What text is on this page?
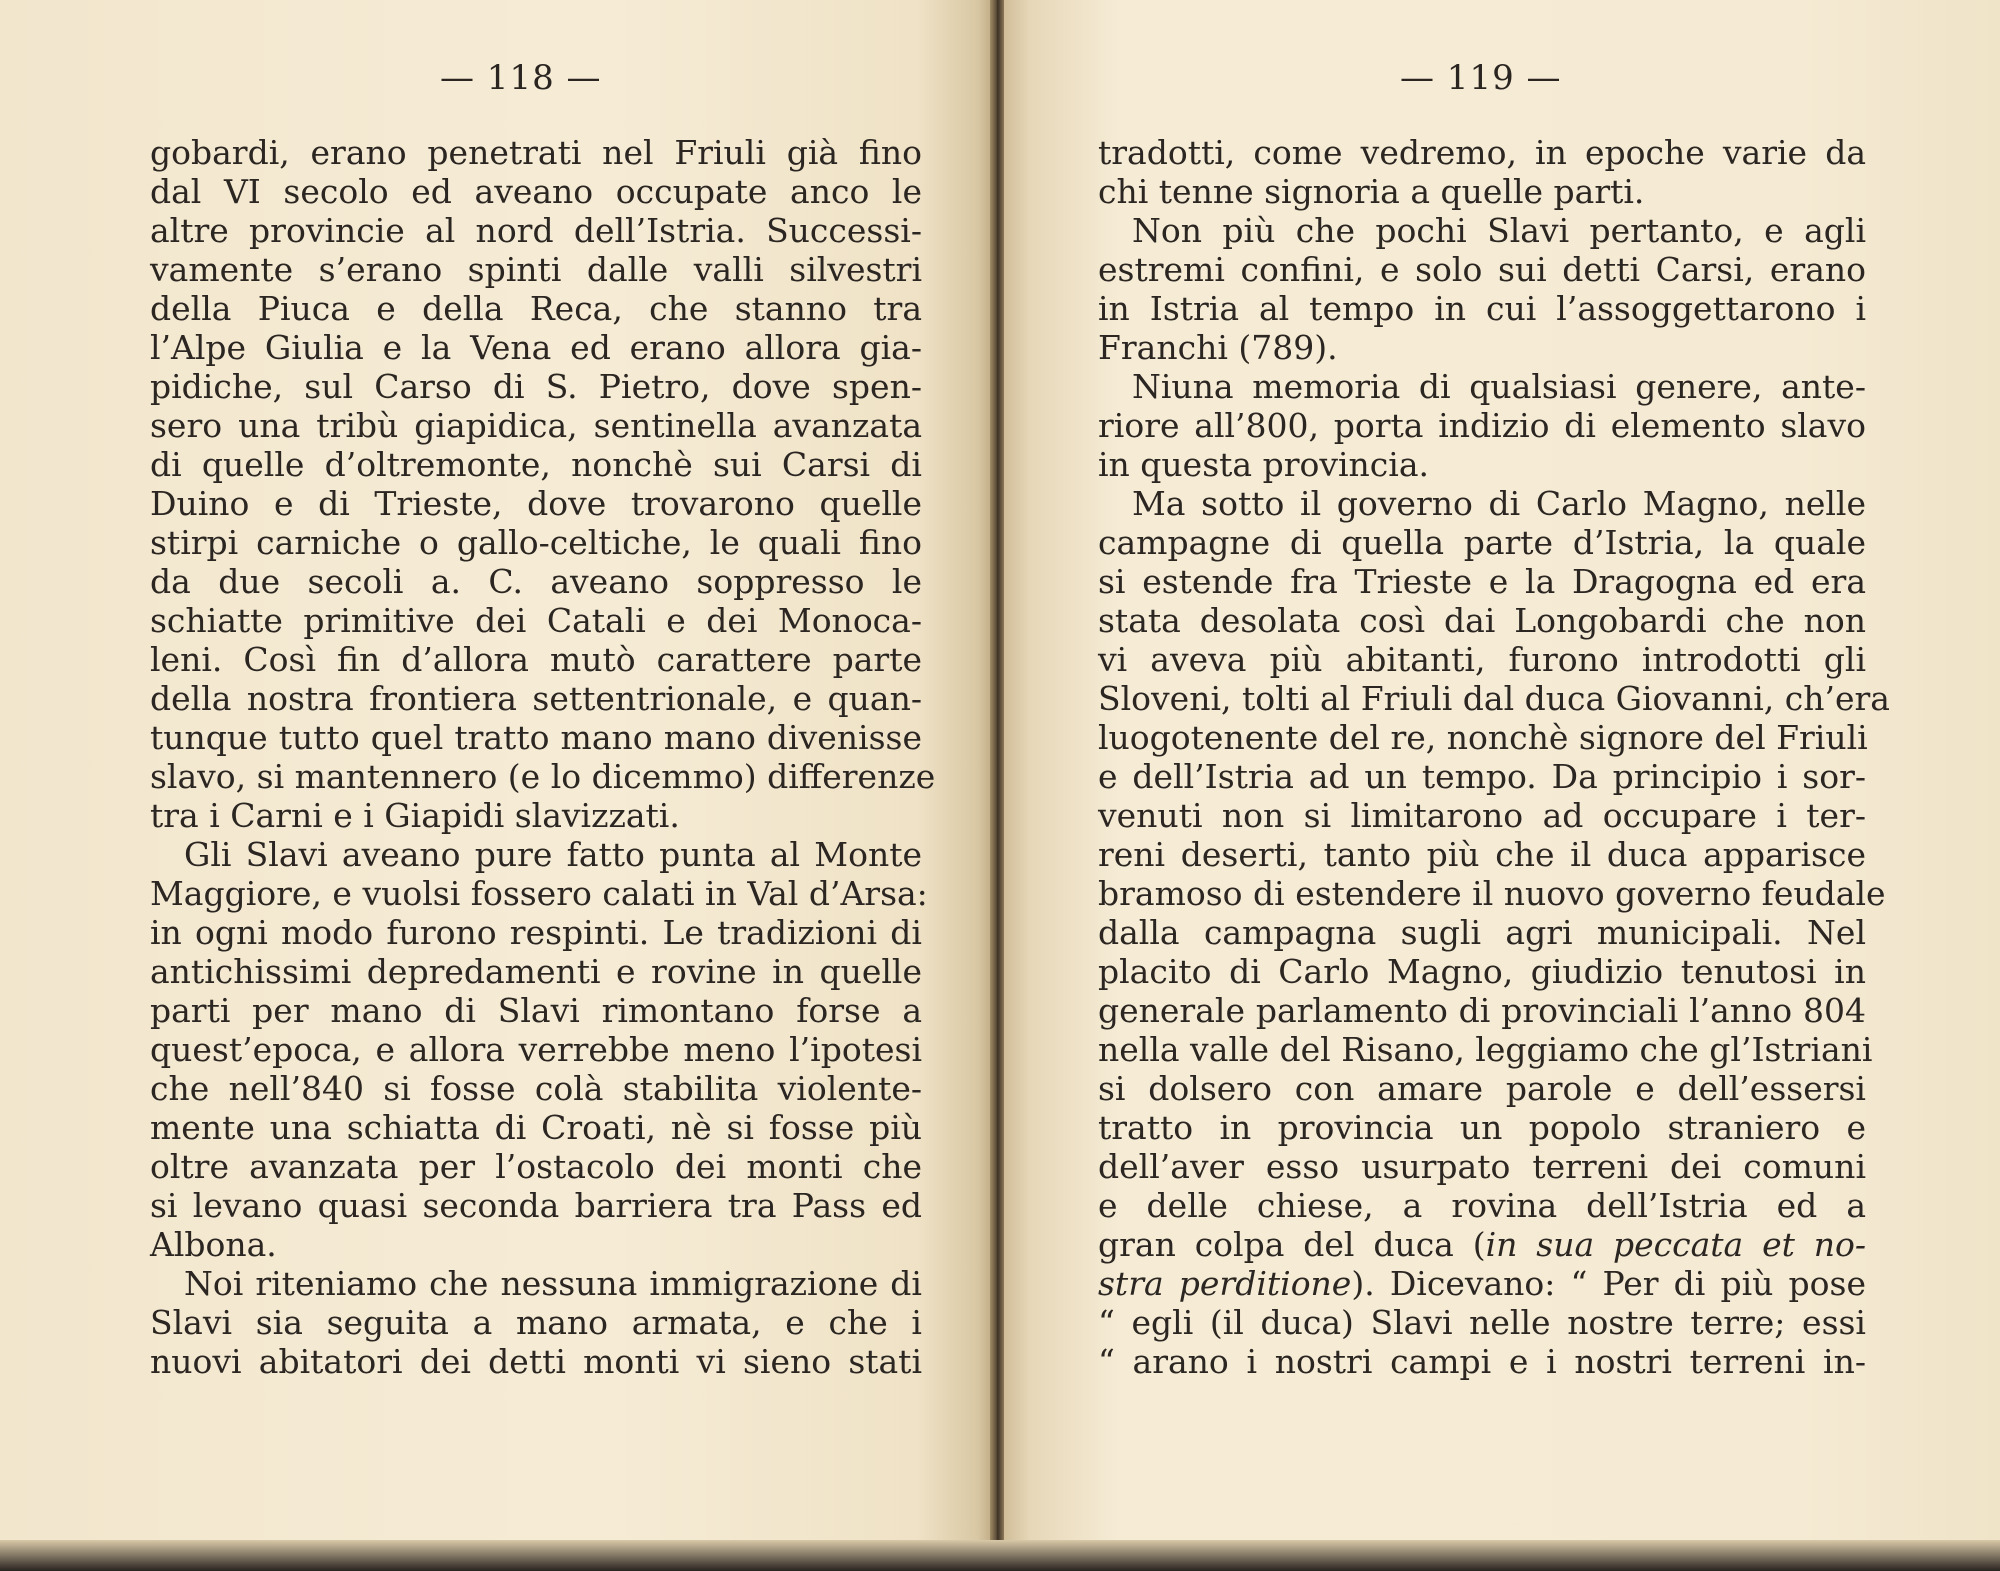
— 118 —
gobardi, erano penetrati nel Friuli già fino
dal VI secolo ed aveano occupate anco le
altre provincie al nord dell’Istria. Successi-
vamente s’erano spinti dalle valli silvestri
della Piuca e della Reca, che stanno tra
l’Alpe Giulia e la Vena ed erano allora gia-
pidiche, sul Carso di S. Pietro, dove spen-
sero una tribù giapidica, sentinella avanzata
di quelle d’oltremonte, nonchè sui Carsi di
Duino e di Trieste, dove trovarono quelle
stirpi carniche o gallo-celtiche, le quali fino
da due secoli a. C. aveano soppresso le
schiatte primitive dei Catali e dei Monoca-
leni. Così fin d’allora mutò carattere parte
della nostra frontiera settentrionale, e quan-
tunque tutto quel tratto mano mano divenisse
slavo, si mantennero (e lo dicemmo) differenze
tra i Carni e i Giapidi slavizzati.
Gli Slavi aveano pure fatto punta al Monte
Maggiore, e vuolsi fossero calati in Val d’Arsa:
in ogni modo furono respinti. Le tradizioni di
antichissimi depredamenti e rovine in quelle
parti per mano di Slavi rimontano forse a
quest’epoca, e allora verrebbe meno l’ipotesi
che nell’840 si fosse colà stabilita violente-
mente una schiatta di Croati, nè si fosse più
oltre avanzata per l’ostacolo dei monti che
si levano quasi seconda barriera tra Pass ed
Albona.
Noi riteniamo che nessuna immigrazione di
Slavi sia seguita a mano armata, e che i
nuovi abitatori dei detti monti vi sieno stati
— 119 —
tradotti, come vedremo, in epoche varie da
chi tenne signoria a quelle parti.
Non più che pochi Slavi pertanto, e agli
estremi confini, e solo sui detti Carsi, erano
in Istria al tempo in cui l’assoggettarono i
Franchi (789).
Niuna memoria di qualsiasi genere, ante-
riore all’800, porta indizio di elemento slavo
in questa provincia.
Ma sotto il governo di Carlo Magno, nelle
campagne di quella parte d’Istria, la quale
si estende fra Trieste e la Dragogna ed era
stata desolata così dai Longobardi che non
vi aveva più abitanti, furono introdotti gli
Sloveni, tolti al Friuli dal duca Giovanni, ch’era
luogotenente del re, nonchè signore del Friuli
e dell’Istria ad un tempo. Da principio i sor-
venuti non si limitarono ad occupare i ter-
reni deserti, tanto più che il duca apparisce
bramoso di estendere il nuovo governo feudale
dalla campagna sugli agri municipali. Nel
placito di Carlo Magno, giudizio tenutosi in
generale parlamento di provinciali l’anno 804
nella valle del Risano, leggiamo che gl’Istriani
si dolsero con amare parole e dell’essersi
tratto in provincia un popolo straniero e
dell’aver esso usurpato terreni dei comuni
e delle chiese, a rovina dell’Istria ed a
gran colpa del duca (in sua peccata et no-
stra perditione). Dicevano: “ Per di più pose
“ egli (il duca) Slavi nelle nostre terre; essi
“ arano i nostri campi e i nostri terreni in-
